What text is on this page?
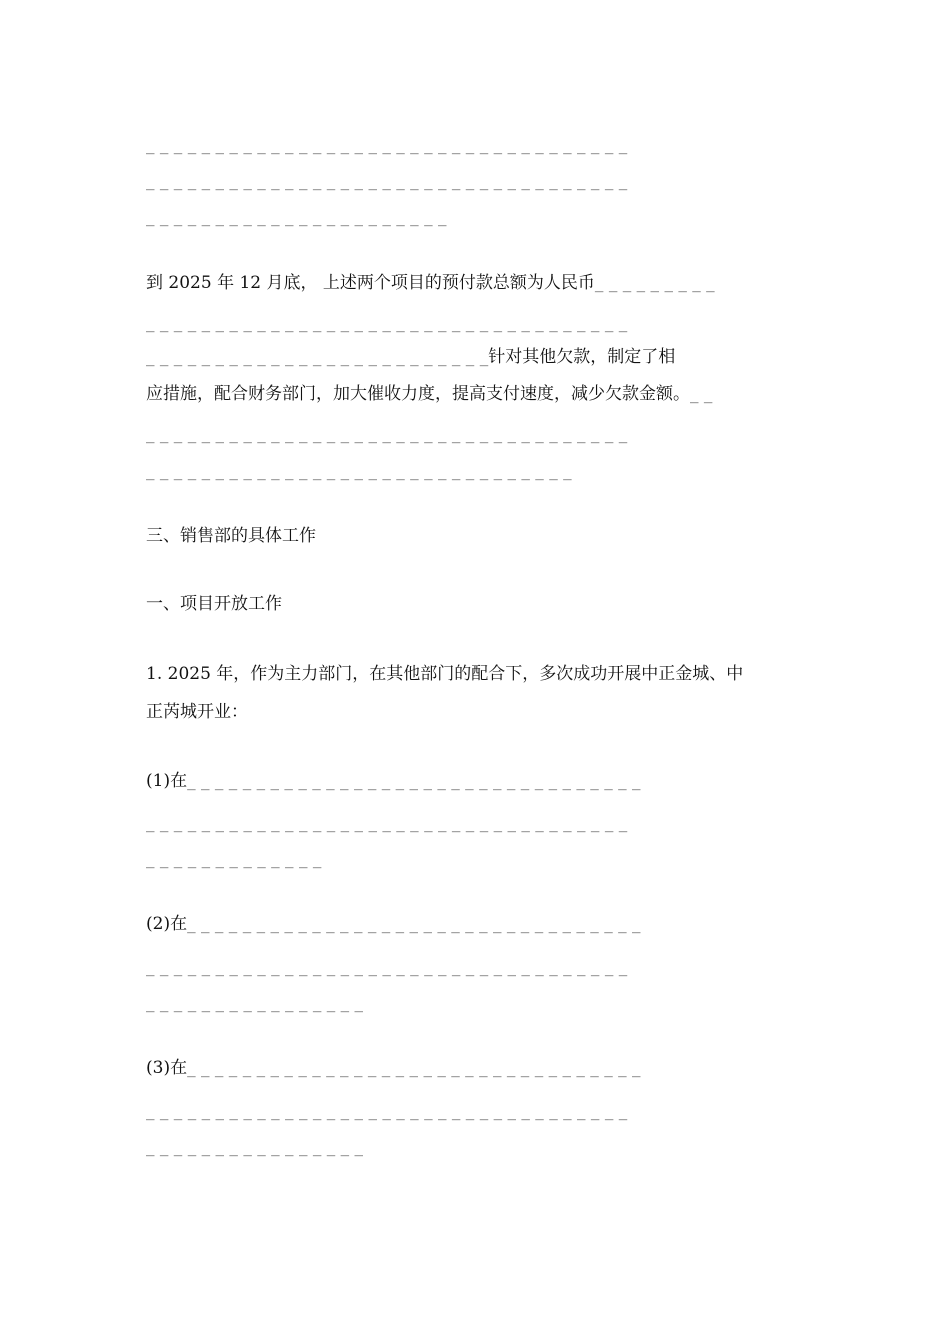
_ _ _ _ _ _ _ _ _ _ _ _ _ _ _ _ _ _ _ _ _ _ _ _ _ _ _ _ _ _ _ _ _ _ _
_ _ _ _ _ _ _ _ _ _ _ _ _ _ _ _ _ _ _ _ _ _ _ _ _ _ _ _ _ _ _ _ _ _ _
_ _ _ _ _ _ _ _ _ _ _ _ _ _ _ _ _ _ _ _ _ _
到 2025 年 12 月底， 上述两个项目的预付款总额为人民币_ _ _ _ _ _ _ _ _
_ _ _ _ _ _ _ _ _ _ _ _ _ _ _ _ _ _ _ _ _ _ _ _ _ _ _ _ _ _ _ _ _ _ _
_ _ _ _ _ _ _ _ _ _ _ _ _ _ _ _ _ _ _ _ _ _ _ _ _针对其他欠款，制定了相
应措施，配合财务部门，加大催收力度，提高支付速度，减少欠款金额。_ _
_ _ _ _ _ _ _ _ _ _ _ _ _ _ _ _ _ _ _ _ _ _ _ _ _ _ _ _ _ _ _ _ _ _ _
_ _ _ _ _ _ _ _ _ _ _ _ _ _ _ _ _ _ _ _ _ _ _ _ _ _ _ _ _ _ _
三、销售部的具体工作
一、项目开放工作
1. 2025 年，作为主力部门，在其他部门的配合下，多次成功开展中正金城、中
正芮城开业：
(1)在_ _ _ _ _ _ _ _ _ _ _ _ _ _ _ _ _ _ _ _ _ _ _ _ _ _ _ _ _ _ _ _ _
_ _ _ _ _ _ _ _ _ _ _ _ _ _ _ _ _ _ _ _ _ _ _ _ _ _ _ _ _ _ _ _ _ _ _
_ _ _ _ _ _ _ _ _ _ _ _ _
(2)在_ _ _ _ _ _ _ _ _ _ _ _ _ _ _ _ _ _ _ _ _ _ _ _ _ _ _ _ _ _ _ _ _
_ _ _ _ _ _ _ _ _ _ _ _ _ _ _ _ _ _ _ _ _ _ _ _ _ _ _ _ _ _ _ _ _ _ _
_ _ _ _ _ _ _ _ _ _ _ _ _ _ _ _
(3)在_ _ _ _ _ _ _ _ _ _ _ _ _ _ _ _ _ _ _ _ _ _ _ _ _ _ _ _ _ _ _ _ _
_ _ _ _ _ _ _ _ _ _ _ _ _ _ _ _ _ _ _ _ _ _ _ _ _ _ _ _ _ _ _ _ _ _ _
_ _ _ _ _ _ _ _ _ _ _ _ _ _ _ _
